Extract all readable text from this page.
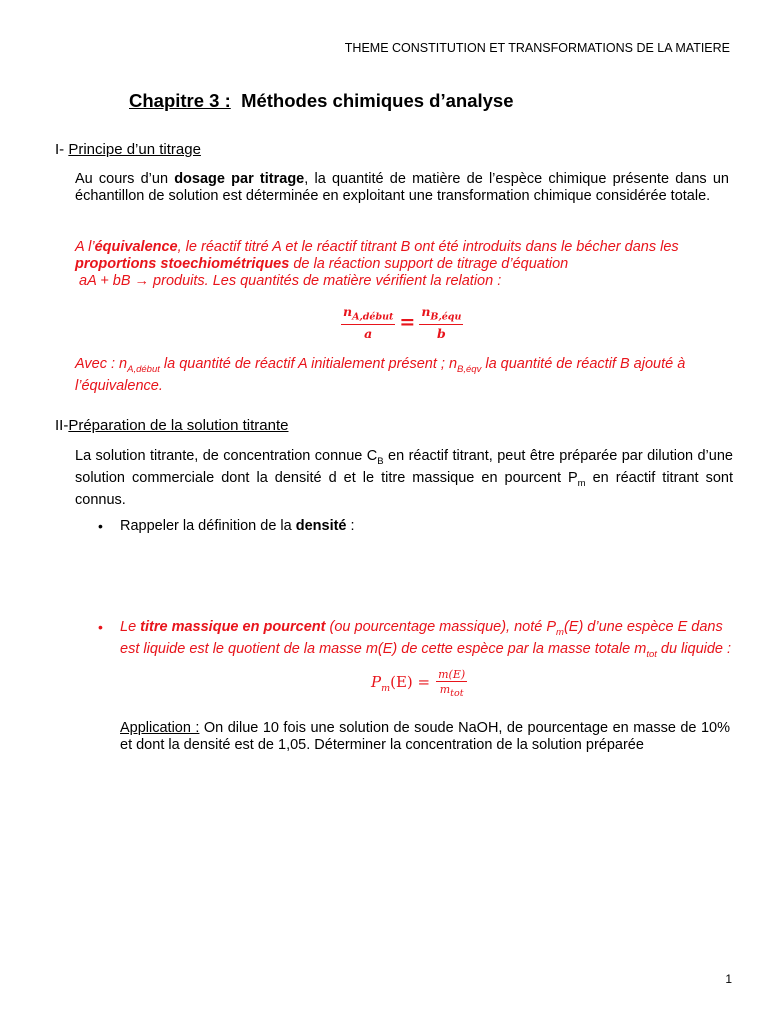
THEME CONSTITUTION ET TRANSFORMATIONS DE LA MATIERE
Chapitre 3 : Méthodes chimiques d’analyse
I- Principe d’un titrage
Au cours d’un dosage par titrage, la quantité de matière de l’espèce chimique présente dans un échantillon de solution est déterminée en exploitant une transformation chimique considérée totale.
A l’équivalence, le réactif titré A et le réactif titrant B ont été introduits dans le bécher dans les proportions stoechiométriques de la réaction support de titrage d’équation
aA + bB → produits. Les quantités de matière vérifient la relation :
$\frac{n_{A,début}}{a} = \frac{n_{B,équ}}{b}$
Avec : $n_{A,début}$ la quantité de réactif A initialement présent ; $n_{B,éqv}$ la quantité de réactif B ajouté à l’équivalence.
II-Préparation de la solution titrante
La solution titrante, de concentration connue $C_B$ en réactif titrant, peut être préparée par dilution d’une solution commerciale dont la densité d et le titre massique en pourcent $P_m$ en réactif titrant sont connus.
• Rappeler la définition de la densité :
• Le titre massique en pourcent (ou pourcentage massique), noté $P_m(E)$ d’une espèce E dans est liquide est le quotient de la masse m(E) de cette espèce par la masse totale $m_{tot}$ du liquide :
$P_m(E) = \frac{m(E)}{m_{tot}}$
Application : On dilue 10 fois une solution de soude NaOH, de pourcentage en masse de 10% et dont la densité est de 1,05. Déterminer la concentration de la solution préparée
1
